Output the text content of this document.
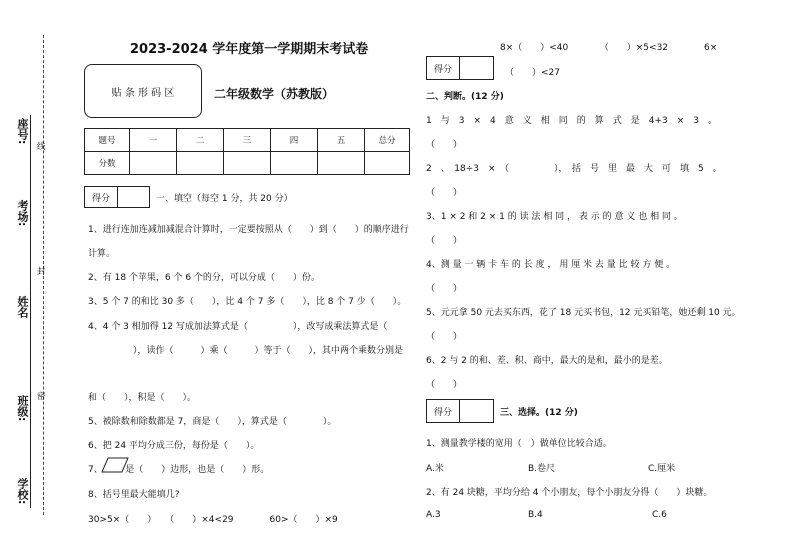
座号:
考场:
姓名
班级:
学校:
线
封
密
2023-2024 学年度第一学期期末考试卷
贴 条 形 码 区	二年级数学（苏教版）
题号	一	二	三	四	五	总分
分数						
得分	一、填空（每空 1 分，共 20 分）
1、进行连加连减加减混合计算时，一定要按照从（　　）到（　　）的顺序进行
计算。
2、有 18 个苹果，6 个 6 个的分，可以分成（　　）份。
3、5 个 7 的和比 30 多（　　），比 4 个 7 多（　　），比 8 个 7 少（　　）。
4、4 个 3 相加得 12 写成加法算式是（　　　　　），改写成乘法算式是（
　　　　　），读作（　　　）乘（　　　）等于（　　），其中两个乘数分别是
和（　　），积是（　　）。
5、被除数和除数都是 7，商是（　　），算式是（　　　　）。
6、把 24 平均分成三份，每份是（　　）。
7、　　　是（　　）边形，也是（　　）形。
8、括号里最大能填几?
30>5×（　　）　　（　　）×4<29　　　　60>（　　）×9
8×（　　）<40　　　　（　　）×5<32　　　　6×
得分	（　　）<27
二、判断。(12 分)
1　与　3　×　4　意　义　相　同　的　算　式　是　4+3　×　3　。
（　　）
2　、　18÷3　×　（　　　　　），　括　号　里　最　大　可　填　5　。
（　　）
3、1 × 2 和 2 × 1 的 读 法 相 同 ， 表 示 的 意 义 也 相 同 。
（　　）
4、测 量 一 辆 卡 车 的 长 度 ， 用 厘 米 去 量 比 较 方 便 。
（　　）
5、元元拿 50 元去买东西，花了 18 元买书包，12 元买铅笔，她还剩 10 元。
（　　）
6、2 与 2 的和、差、积、商中，最大的是和，最小的是差。
（　　）
得分	三、选择。(12 分)
1、测量教学楼的宽用（　）做单位比较合适。
A.米	B.卷尺	C.厘米
2、有 24 块糖，平均分给 4 个小朋友，每个小朋友分得（　　）块糖。
A.3	B.4	C.6
